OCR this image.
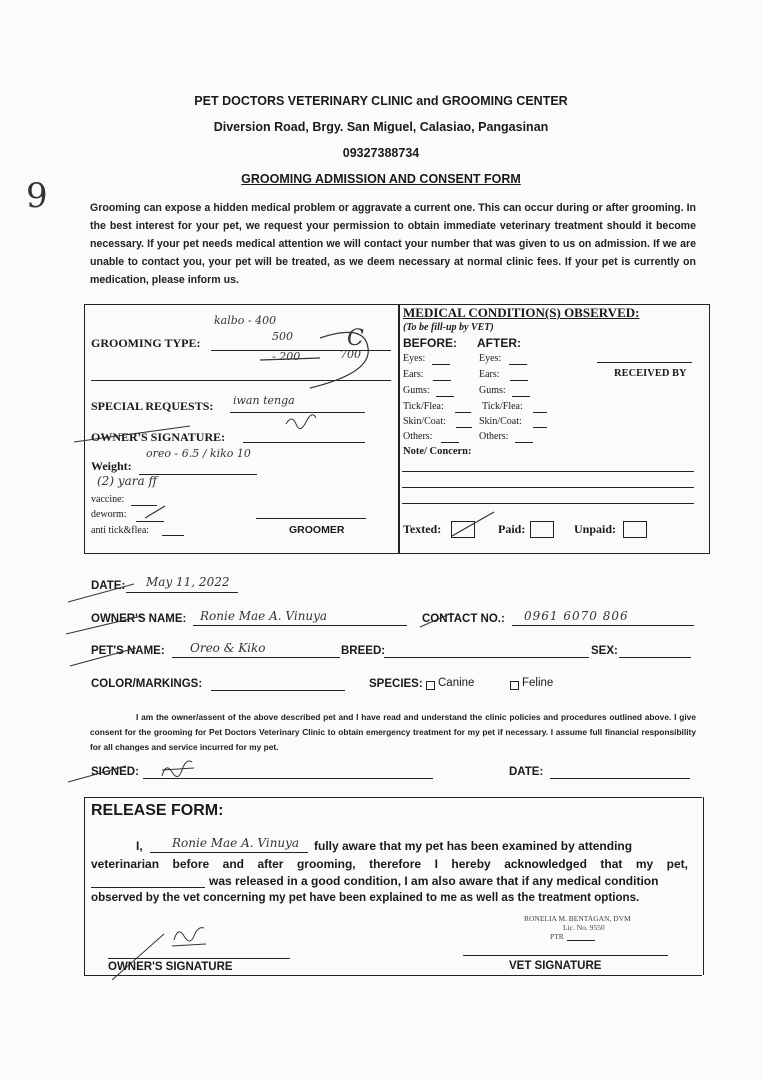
PET DOCTORS VETERINARY CLINIC and GROOMING CENTER
Diversion Road, Brgy. San Miguel, Calasiao, Pangasinan
09327388734
GROOMING ADMISSION AND CONSENT FORM
9	Grooming can expose a hidden medical problem or aggravate a current one. This can occur during or after grooming. In the best interest for your pet, we request your permission to obtain immediate veterinary treatment should it become necessary. If your pet needs medical attention we will contact your number that was given to us on admission. If we are unable to contact you, your pet will be treated, as we deem necessary at normal clinic fees. If your pet is currently on medication, please inform us.
GROOMING TYPE:
kalbo - 400
500
- 200	700
C
SPECIAL REQUESTS: iwan tenga
OWNER'S SIGNATURE:
oreo - 6.5 / kiko 10
Weight:
(2) yara ff
vaccine:
deworm:
anti tick&flea:	GROOMER
MEDICAL CONDITION(S) OBSERVED:
(To be fill-up by VET)
BEFORE: AFTER:
Eyes:	Eyes:
Ears:	Ears:
Gums:	Gums:
Tick/Flea:	Tick/Flea:
Skin/Coat:	Skin/Coat:
Others:	Others:
RECEIVED BY
Note/ Concern:
Texted:	Paid:	Unpaid:
DATE: May 11, 2022
OWNER'S NAME: Ronie Mae A. Vinuya	CONTACT NO.: 0961 6070 806
PET'S NAME: Oreo & Kiko	BREED:	SEX:
COLOR/MARKINGS:	SPECIES: Canine	Feline
I am the owner/assent of the above described pet and I have read and understand the clinic policies and procedures outlined above. I give consent for the grooming for Pet Doctors Veterinary Clinic to obtain emergency treatment for my pet if necessary. I assume full financial responsibility for all changes and service incurred for my pet.
SIGNED:	DATE:
RELEASE FORM:
I, Ronie Mae A. Vinuya fully aware that my pet has been examined by attending
veterinarian before and after grooming, therefore I hereby acknowledged that my pet,
was released in a good condition, I am also aware that if any medical condition
observed by the vet concerning my pet have been explained to me as well as the treatment options.
RONELIA M. BENTAGAN, DVM
Lic. No. 9550
PTR
OWNER'S SIGNATURE	VET SIGNATURE
